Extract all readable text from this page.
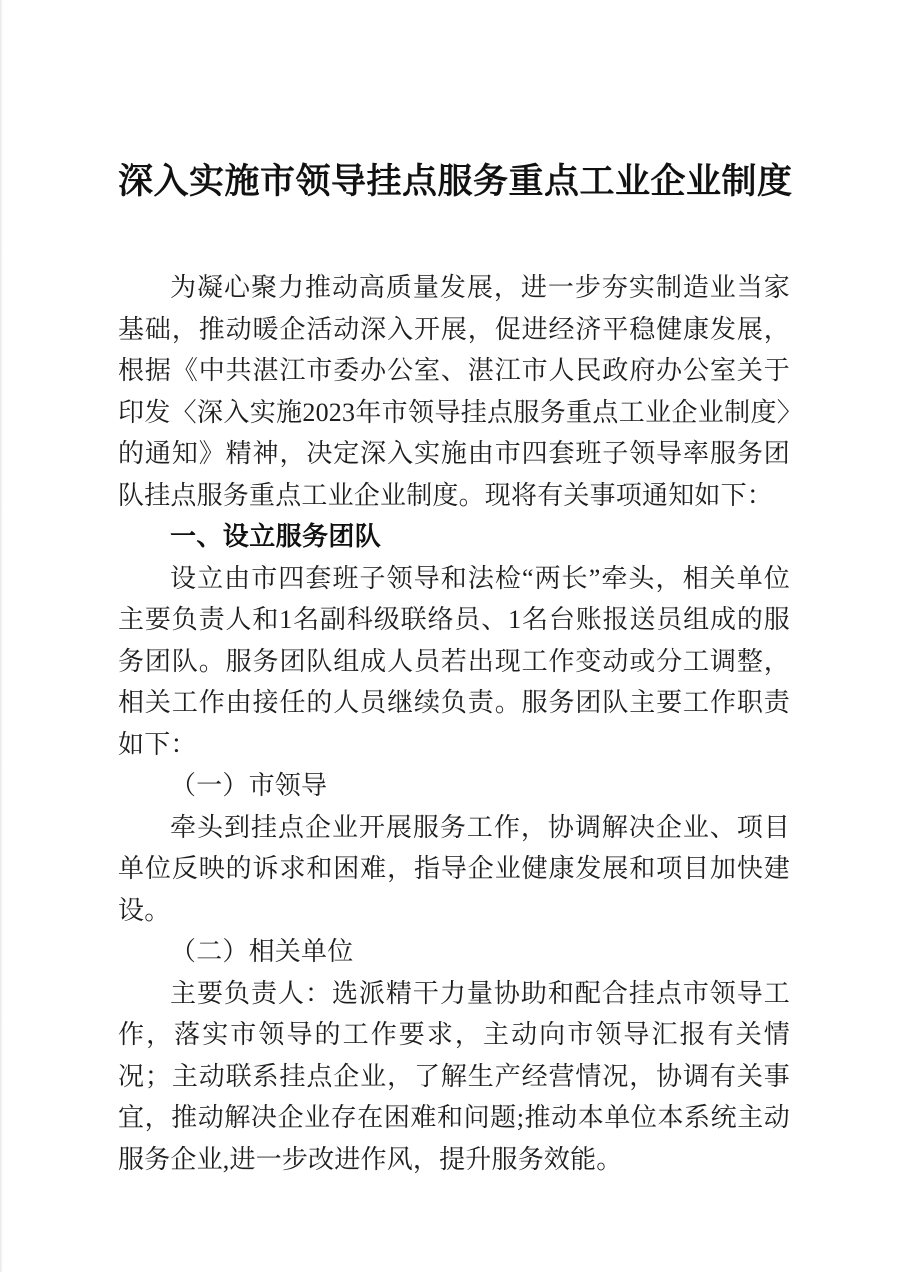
深入实施市领导挂点服务重点工业企业制度

为凝心聚力推动高质量发展，进一步夯实制造业当家基础，推动暖企活动深入开展，促进经济平稳健康发展，根据《中共湛江市委办公室、湛江市人民政府办公室关于印发〈深入实施2023年市领导挂点服务重点工业企业制度〉的通知》精神，决定深入实施由市四套班子领导率服务团队挂点服务重点工业企业制度。现将有关事项通知如下：

一、设立服务团队

设立由市四套班子领导和法检“两长”牵头，相关单位主要负责人和1名副科级联络员、1名台账报送员组成的服务团队。服务团队组成人员若出现工作变动或分工调整，相关工作由接任的人员继续负责。服务团队主要工作职责如下：

（一）市领导

牵头到挂点企业开展服务工作，协调解决企业、项目单位反映的诉求和困难，指导企业健康发展和项目加快建设。

（二）相关单位

主要负责人：选派精干力量协助和配合挂点市领导工作，落实市领导的工作要求，主动向市领导汇报有关情况；主动联系挂点企业，了解生产经营情况，协调有关事宜，推动解决企业存在困难和问题;推动本单位本系统主动服务企业,进一步改进作风，提升服务效能。
